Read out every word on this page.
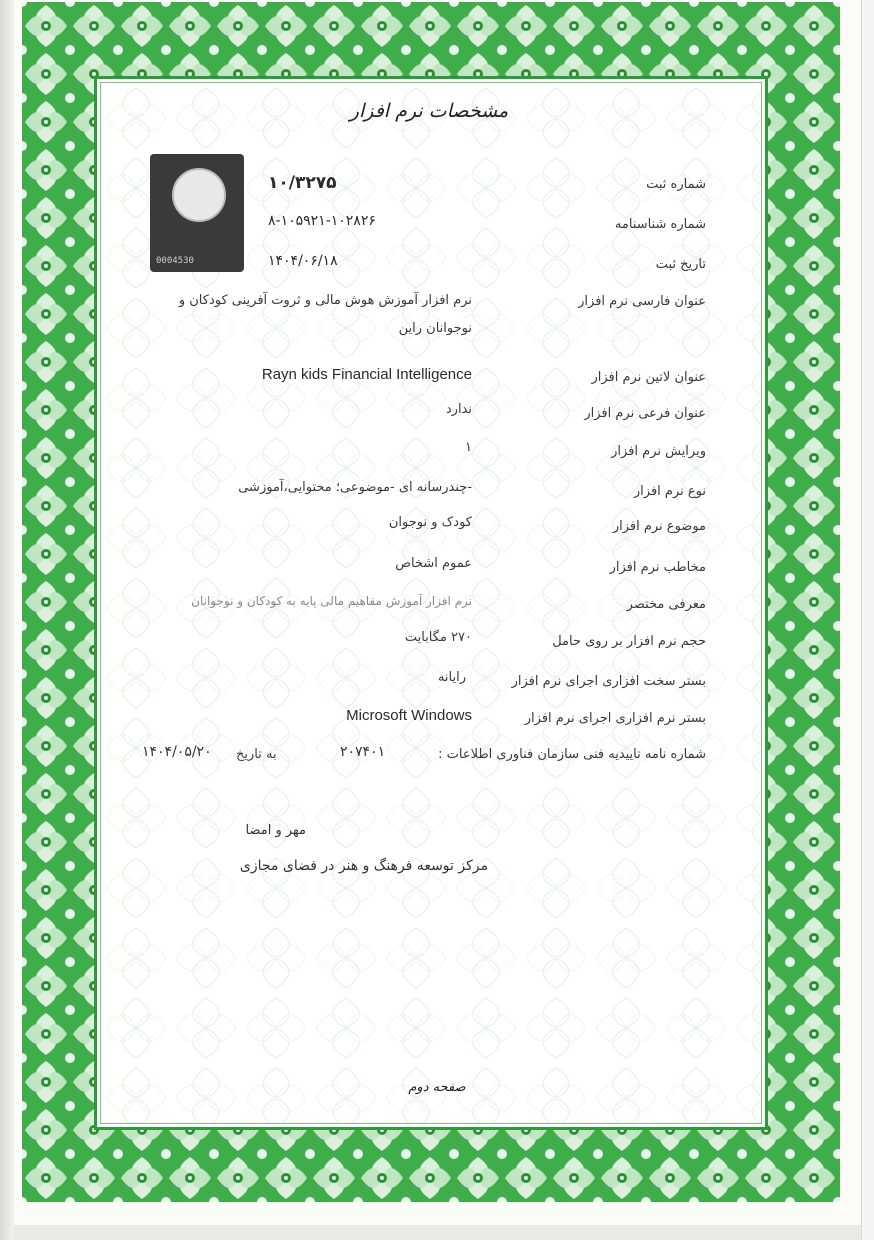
مشخصات نرم افزار
0004530
شماره ثبت
۱۰/۳۲۷۵
شماره شناسنامه
۸-۱۰۵۹۲۱-۱۰۲۸۲۶
تاریخ ثبت
۱۴۰۴/۰۶/۱۸
عنوان فارسی نرم افزار
نرم افزار آموزش هوش مالی و ثروت آفرینی کودکان و نوجوانان راین
عنوان لاتین نرم افزار
Rayn kids Financial Intelligence
عنوان فرعی نرم افزار
ندارد
ویرایش نرم افزار
۱
نوع نرم افزار
-چندرسانه ای -موضوعی؛ محتوایی،آموزشی
موضوع نرم افزار
کودک و نوجوان
مخاطب نرم افزار
عموم اشخاص
معرفی مختصر
نرم افزار آموزش مفاهیم مالی پایه به کودکان و نوجوانان
حجم نرم افزار بر روی حامل
۲۷۰ مگابایت
بستر سخت افزاری اجرای نرم افزار
رایانه
بستر نرم افزاری اجرای نرم افزار
Microsoft Windows
شماره نامه تاییدیه فنی سازمان فناوری اطلاعات :
۲۰۷۴۰۱
به تاریخ
۱۴۰۴/۰۵/۲۰
مهر و امضا
مرکز توسعه فرهنگ و هنر در فضای مجازی
صفحه دوم
